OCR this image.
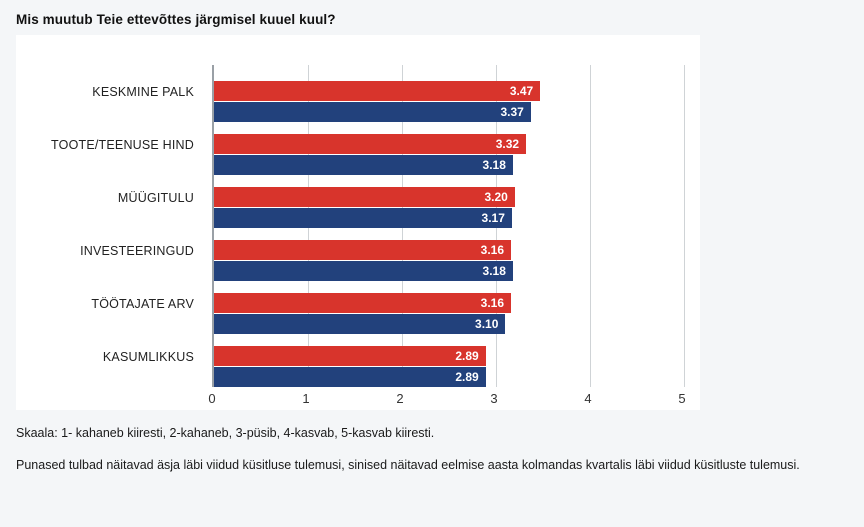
Mis muutub Teie ettevõttes järgmisel kuuel kuul?
KESKMINE PALK
TOOTE/TEENUSE HIND
MÜÜGITULU
INVESTEERINGUD
TÖÖTAJATE ARV
KASUMLIKKUS
3.47
3.37
3.32
3.18
3.20
3.17
3.16
3.18
3.16
3.10
2.89
2.89
0	1	2	3	4	5
Skaala: 1- kahaneb kiiresti, 2-kahaneb, 3-püsib, 4-kasvab, 5-kasvab kiiresti.
Punased tulbad näitavad äsja läbi viidud küsitluse tulemusi, sinised näitavad eelmise aasta kolmandas kvartalis läbi viidud küsitluste tulemusi.
